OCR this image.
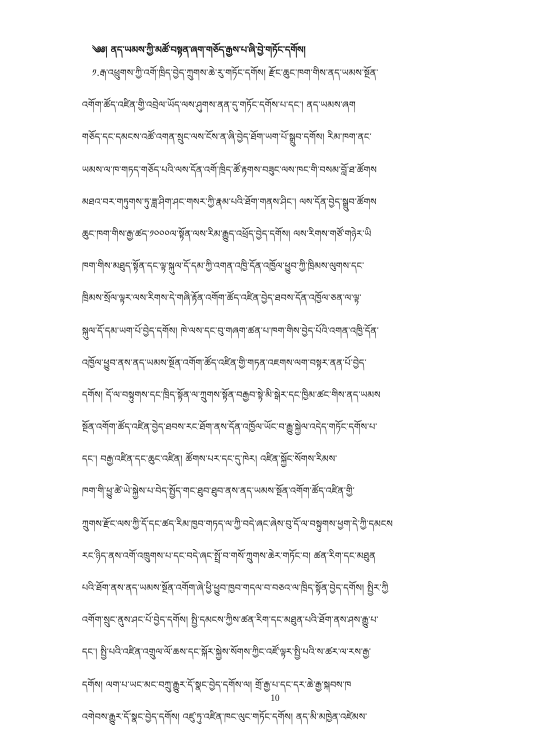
༄༅། ནད་ཡམས་ཀྱི་མཚོ་བསྟན་ཞག་གཅོད་རྒྱས་པ་ཞི་བྱེ་གཏོང་དགོས།
༡.རྒ་འཕྲུགས་ཀྱི་འགོ་ཁྲིད་བྱེད་ཀྲུགས་ཆེ་རུ་གཏོང་དགོས། རྫོང་ཆུང་ཁག་གིས་ནད་ཡམས་སྔོན་
འགོག་ཚོད་འཛིན་གྱི་འབྲེལ་ཡོད་ལས་ཤུགས་ནན་དུ་གཏོང་དགོས་པ་དང་། ནད་ཡམས་ཞག
གཅོད་དང་དམངས་འཚོ་འགན་སྲུང་ལས་ངོས་ན་ཞི་བྱེད་ཐོག་ཡག་པོ་སྒྲུབ་དགོས། རིམ་ཁག་ནང་
ཡམས་ལ་ཁ་གཏད་གཅོད་པའི་ལས་དོན་འགོ་ཁྲིད་ཚོ་རྟགས་བཟུང་ལས་ཁང་གི་བསམ་བློ་ཐ་ཚོགས
མཐའ་བར་གཏུགས་ཏུ་ཟླ་ཤིག་ཤང་གསར་ཀྱི་རྣམ་པའི་ཐོག་གནས་ཤིང་། ལས་དོན་བྱེད་སྒྲུབ་ཚོགས
ཆུང་ཁག་གིས་རྒྱ་ཚད་༡༠༠༠ལ་སྟོན་ལས་རིམ་རྒྱུད་འཕྲོད་བྱེད་དགོས། ལས་རིགས་གཙོ་གཉེར་ཡི
ཁག་གིས་མཐུད་སྟོན་དང་ལྟ་སྐུལ་དོ་དམ་ཀྱི་འགན་འཁྱི་དོན་འཁྱོལ་ཕྱུབ་ཀྱི་ཁྲིམས་ལུགས་དང་
ཁྲིམས་སྲོལ་ལྟར་ལས་རིགས་དེ་གཞི་རྟོན་འགོག་ཚོད་འཛིན་བྱེད་ཐབས་དོན་འཁྱོལ་ཅན་ལ་ལྟ་
སྐུལ་དོ་དམ་ཡག་པོ་བྱེད་དགོས། ཁེ་ལས་དང་བུ་གཞག་ཚན་པ་ཁག་གིས་བྱེད་པོའི་འགན་འཁྱི་དོན་
འཁྱོལ་ཕྱུབ་ནས་ནད་ཡམས་སྔོན་འགོག་ཚོད་འཛིན་གྱི་གཏན་འཇགས་ལག་བསྟར་ནན་པོ་བྱེད་
དགོས། དོ་ལ་བསྟུགས་དང་ཁྲིད་སྟོན་ལ་ཀྲུགས་སྟོན་བརྒྱབ་སྟེ་མི་སྒེར་དང་ཁྱིམ་ཚང་གིས་ནད་ཡམས
སྔོན་འགོག་ཚོད་འཛིན་བྱེད་ཐབས་རང་ཐོག་ནས་དོན་འཁྱོལ་ཡོང་བ་རྒྱུ་སྐྱེལ་འདེད་གཏོང་དགོས་པ་
དང་། བརྒྱ་འཛིན་དང་ཆུང་འཛིན། ཚོགས་པར་དང་དུ་ཁེར། འཛིན་སྐྱོང་སོགས་རིམས་
ཁག་གི་ཕྱུ་ཚེ་ཡེ་སྐྱེས་པ་བེད་སྤྱོད་གང་ཐུབ་ཐུབ་ནས་ནད་ཡམས་སྔོན་འགོག་ཚོད་འཛིན་གྱི་
ཀྲུགས་རྫོང་ལས་ཀྱི་དོ་དང་ཚད་རིམ་ཁྱབ་གཏད་ལ་ཀྱི་བདེ་ཞང་ཞེས་བུ་དོ་ལ་བསྟུགས་ཕྱག་དེ་ཀྱི་དམངས
རང་ཉིད་ནས་འགོ་འཁྲུགས་པ་དང་བདེ་ཞང་སྤྲོ་བ་གསོ་ཀྲུགས་ཆེར་གཏོང་བ། ཚན་རིག་དང་མཐུན
པའི་ཐོག་ནས་ནད་ཡམས་སྔོན་འགོག་ཞེ་ཕྱི་ཕྱུབ་ཁྱབ་གདལ་བ་བཅའ་ལ་ཁྲིད་སྟོན་བྱེད་དགོས། སྤྱིར་ཀྱི
འགོག་སྲུང་ནུས་ཤང་པོ་བྱེད་དགོས། སྤྱི་དམངས་ཀྱིས་ཚན་རིག་དང་མཐུན་པའི་ཐོག་ནས་ཤས་རྒྱུ་པ་
དང་། སྤྱི་པའི་འཛིན་འགྲུལ་ལོ་ཆས་དང་སྐོར་སྐྱེས་སོགས་ཀྱིང་འཛོ་ལྟར་སྤྱི་པའི་ས་ཚར་ལ་རས་རྒྱ་
དགོས། ལག་པ་ཡང་མང་བཀྲུ་རྒྱུར་དོ་སྣང་བྱེད་དགོས་ལ། གྲོ་རྒྱ་པ་དང་དར་ཆེ་རྒྱ་སྐབས་ཁ
འགེབས་རྒྱུར་དོ་སྣང་བྱེད་དགོས། འཛུ་ཏུ་འཛིན་ཁང་ལུང་གཏོང་དགོས། ནད་མི་མཁྱེན་འཛེམས་
10
